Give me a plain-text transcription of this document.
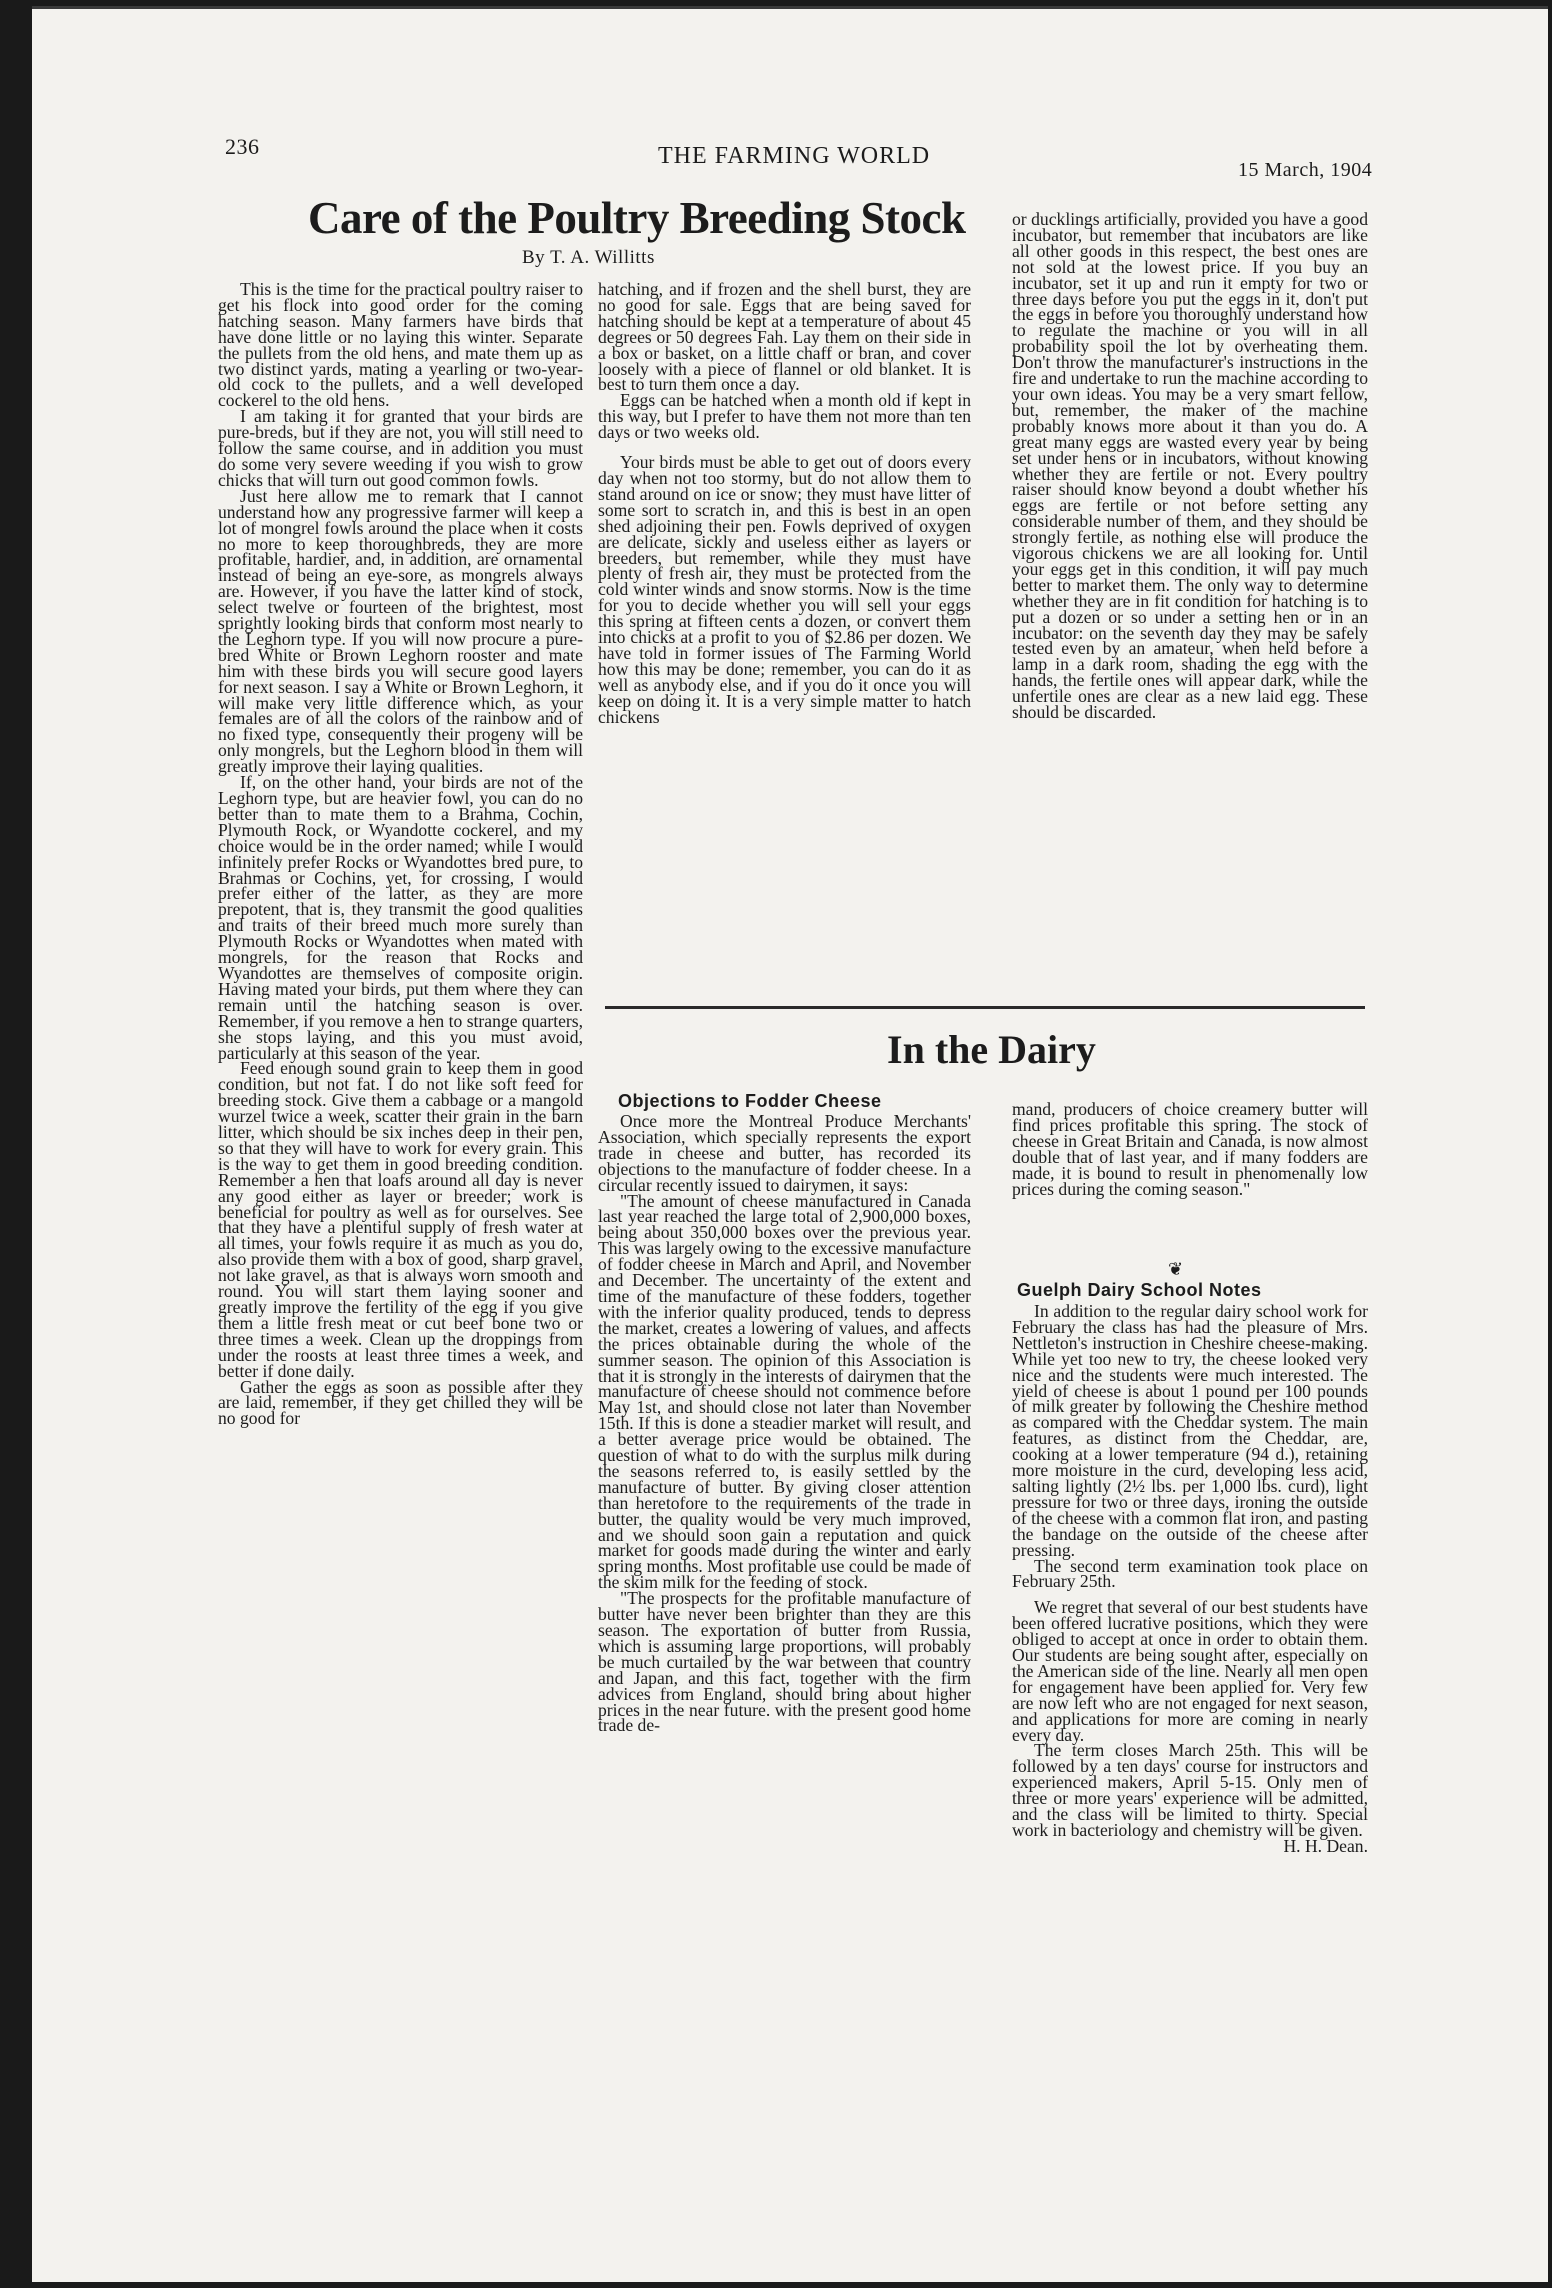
236	THE FARMING WORLD
15 March, 1904
Care of the Poultry Breeding Stock
By T. A. Willitts

This is the time for the practical poultry raiser to get his flock into good order for the coming hatching season. Many farmers have birds that have done little or no laying this winter. Separate the pullets from the old hens, and mate them up as two distinct yards, mating a yearling or two-year-old cock to the pullets, and a well developed cockerel to the old hens.

I am taking it for granted that your birds are pure-breds, but if they are not, you will still need to follow the same course, and in addition you must do some very severe weeding if you wish to grow chicks that will turn out good common fowls.

Just here allow me to remark that I cannot understand how any progressive farmer will keep a lot of mongrel fowls around the place when it costs no more to keep thoroughbreds, they are more profitable, hardier, and, in addition, are ornamental instead of being an eye-sore, as mongrels always are. However, if you have the latter kind of stock, select twelve or fourteen of the brightest, most sprightly looking birds that conform most nearly to the Leghorn type. If you will now procure a pure-bred White or Brown Leghorn rooster and mate him with these birds you will secure good layers for next season. I say a White or Brown Leghorn, it will make very little difference which, as your females are of all the colors of the rainbow and of no fixed type, consequently their progeny will be only mongrels, but the Leghorn blood in them will greatly improve their laying qualities.

If, on the other hand, your birds are not of the Leghorn type, but are heavier fowl, you can do no better than to mate them to a Brahma, Cochin, Plymouth Rock, or Wyandotte cockerel, and my choice would be in the order named; while I would infinitely prefer Rocks or Wyandottes bred pure, to Brahmas or Cochins, yet, for crossing, I would prefer either of the latter, as they are more prepotent, that is, they transmit the good qualities and traits of their breed much more surely than Plymouth Rocks or Wyandottes when mated with mongrels, for the reason that Rocks and Wyandottes are themselves of composite origin. Having mated your birds, put them where they can remain until the hatching season is over. Remember, if you remove a hen to strange quarters, she stops laying, and this you must avoid, particularly at this season of the year.

Feed enough sound grain to keep them in good condition, but not fat. I do not like soft feed for breeding stock. Give them a cabbage or a mangold wurzel twice a week, scatter their grain in the barn litter, which should be six inches deep in their pen, so that they will have to work for every grain. This is the way to get them in good breeding condition. Remember a hen that loafs around all day is never any good either as layer or breeder; work is beneficial for poultry as well as for ourselves. See that they have a plentiful supply of fresh water at all times, your fowls require it as much as you do, also provide them with a box of good, sharp gravel, not lake gravel, as that is always worn smooth and round. You will start them laying sooner and greatly improve the fertility of the egg if you give them a little fresh meat or cut beef bone two or three times a week. Clean up the droppings from under the roosts at least three times a week, and better if done daily.

Gather the eggs as soon as possible after they are laid, remember, if they get chilled they will be no good for

hatching, and if frozen and the shell burst, they are no good for sale. Eggs that are being saved for hatching should be kept at a temperature of about 45 degrees or 50 degrees Fah. Lay them on their side in a box or basket, on a little chaff or bran, and cover loosely with a piece of flannel or old blanket. It is best to turn them once a day.

Eggs can be hatched when a month old if kept in this way, but I prefer to have them not more than ten days or two weeks old.

Your birds must be able to get out of doors every day when not too stormy, but do not allow them to stand around on ice or snow; they must have litter of some sort to scratch in, and this is best in an open shed adjoining their pen. Fowls deprived of oxygen are delicate, sickly and useless either as layers or breeders, but remember, while they must have plenty of fresh air, they must be protected from the cold winter winds and snow storms. Now is the time for you to decide whether you will sell your eggs this spring at fifteen cents a dozen, or convert them into chicks at a profit to you of $2.86 per dozen. We have told in former issues of The Farming World how this may be done; remember, you can do it as well as anybody else, and if you do it once you will keep on doing it. It is a very simple matter to hatch chickens

or ducklings artificially, provided you have a good incubator, but remember that incubators are like all other goods in this respect, the best ones are not sold at the lowest price. If you buy an incubator, set it up and run it empty for two or three days before you put the eggs in it, don't put the eggs in before you thoroughly understand how to regulate the machine or you will in all probability spoil the lot by overheating them. Don't throw the manufacturer's instructions in the fire and undertake to run the machine according to your own ideas. You may be a very smart fellow, but, remember, the maker of the machine probably knows more about it than you do. A great many eggs are wasted every year by being set under hens or in incubators, without knowing whether they are fertile or not. Every poultry raiser should know beyond a doubt whether his eggs are fertile or not before setting any considerable number of them, and they should be strongly fertile, as nothing else will produce the vigorous chickens we are all looking for. Until your eggs get in this condition, it will pay much better to market them. The only way to determine whether they are in fit condition for hatching is to put a dozen or so under a setting hen or in an incubator: on the seventh day they may be safely tested even by an amateur, when held before a lamp in a dark room, shading the egg with the hands, the fertile ones will appear dark, while the unfertile ones are clear as a new laid egg. These should be discarded.

In the Dairy
Objections to Fodder Cheese

Once more the Montreal Produce Merchants' Association, which specially represents the export trade in cheese and butter, has recorded its objections to the manufacture of fodder cheese. In a circular recently issued to dairymen, it says:

"The amount of cheese manufactured in Canada last year reached the large total of 2,900,000 boxes, being about 350,000 boxes over the previous year. This was largely owing to the excessive manufacture of fodder cheese in March and April, and November and December. The uncertainty of the extent and time of the manufacture of these fodders, together with the inferior quality produced, tends to depress the market, creates a lowering of values, and affects the prices obtainable during the whole of the summer season. The opinion of this Association is that it is strongly in the interests of dairymen that the manufacture of cheese should not commence before May 1st, and should close not later than November 15th. If this is done a steadier market will result, and a better average price would be obtained. The question of what to do with the surplus milk during the seasons referred to, is easily settled by the manufacture of butter. By giving closer attention than heretofore to the requirements of the trade in butter, the quality would be very much improved, and we should soon gain a reputation and quick market for goods made during the winter and early spring months. Most profitable use could be made of the skim milk for the feeding of stock.

"The prospects for the profitable manufacture of butter have never been brighter than they are this season. The exportation of butter from Russia, which is assuming large proportions, will probably be much curtailed by the war between that country and Japan, and this fact, together with the firm advices from England, should bring about higher prices in the near future. with the present good home trade de-

mand, producers of choice creamery butter will find prices profitable this spring. The stock of cheese in Great Britain and Canada, is now almost double that of last year, and if many fodders are made, it is bound to result in phenomenally low prices during the coming season."

❦
Guelph Dairy School Notes

In addition to the regular dairy school work for February the class has had the pleasure of Mrs. Nettleton's instruction in Cheshire cheese-making. While yet too new to try, the cheese looked very nice and the students were much interested. The yield of cheese is about 1 pound per 100 pounds of milk greater by following the Cheshire method as compared with the Cheddar system. The main features, as distinct from the Cheddar, are, cooking at a lower temperature (94 d.), retaining more moisture in the curd, developing less acid, salting lightly (2½ lbs. per 1,000 lbs. curd), light pressure for two or three days, ironing the outside of the cheese with a common flat iron, and pasting the bandage on the outside of the cheese after pressing.

The second term examination took place on February 25th.

We regret that several of our best students have been offered lucrative positions, which they were obliged to accept at once in order to obtain them. Our students are being sought after, especially on the American side of the line. Nearly all men open for engagement have been applied for. Very few are now left who are not engaged for next season, and applications for more are coming in nearly every day.

The term closes March 25th. This will be followed by a ten days' course for instructors and experienced makers, April 5-15. Only men of three or more years' experience will be admitted, and the class will be limited to thirty. Special work in bacteriology and chemistry will be given.

H. H. Dean.
